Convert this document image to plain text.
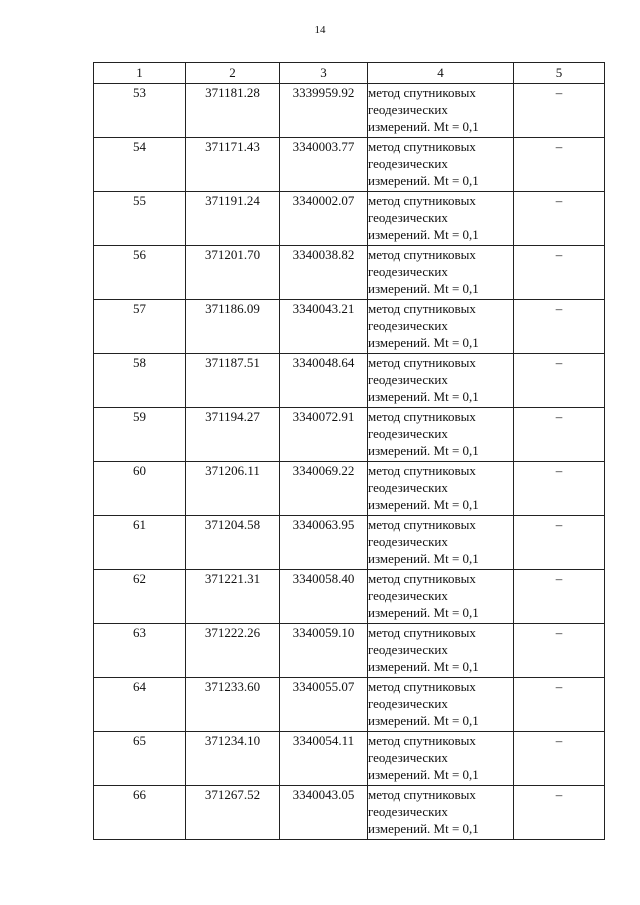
14
1	2	3	4	5
53	371181.28	3339959.92	метод спутниковых
геодезических
измерений. Mt = 0,1	–
54	371171.43	3340003.77	метод спутниковых
геодезических
измерений. Mt = 0,1	–
55	371191.24	3340002.07	метод спутниковых
геодезических
измерений. Mt = 0,1	–
56	371201.70	3340038.82	метод спутниковых
геодезических
измерений. Mt = 0,1	–
57	371186.09	3340043.21	метод спутниковых
геодезических
измерений. Mt = 0,1	–
58	371187.51	3340048.64	метод спутниковых
геодезических
измерений. Mt = 0,1	–
59	371194.27	3340072.91	метод спутниковых
геодезических
измерений. Mt = 0,1	–
60	371206.11	3340069.22	метод спутниковых
геодезических
измерений. Mt = 0,1	–
61	371204.58	3340063.95	метод спутниковых
геодезических
измерений. Mt = 0,1	–
62	371221.31	3340058.40	метод спутниковых
геодезических
измерений. Mt = 0,1	–
63	371222.26	3340059.10	метод спутниковых
геодезических
измерений. Mt = 0,1	–
64	371233.60	3340055.07	метод спутниковых
геодезических
измерений. Mt = 0,1	–
65	371234.10	3340054.11	метод спутниковых
геодезических
измерений. Mt = 0,1	–
66	371267.52	3340043.05	метод спутниковых
геодезических
измерений. Mt = 0,1	–
